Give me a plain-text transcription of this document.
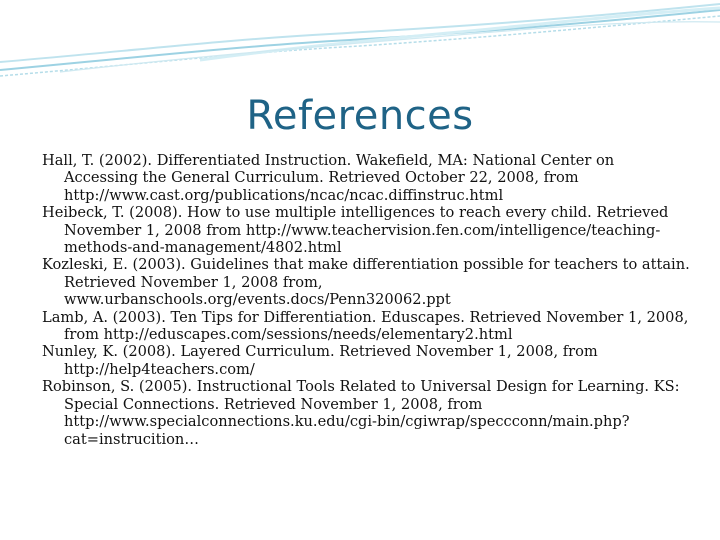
References

Hall, T. (2002). Differentiated Instruction. Wakefield, MA: National Center on Accessing the General Curriculum. Retrieved October 22, 2008, from http://www.cast.org/publications/ncac/ncac.diffinstruc.html

Heibeck, T. (2008). How to use multiple intelligences to reach every child. Retrieved November 1, 2008 from http://www.teachervision.fen.com/intelligence/teaching-methods-and-management/4802.html

Kozleski, E. (2003). Guidelines that make differentiation possible for teachers to attain. Retrieved November 1, 2008 from, www.urbanschools.org/events.docs/Penn320062.ppt

Lamb, A. (2003). Ten Tips for Differentiation. Eduscapes. Retrieved November 1, 2008, from http://eduscapes.com/sessions/needs/elementary2.html

Nunley, K. (2008). Layered Curriculum. Retrieved November 1, 2008, from http://help4teachers.com/

Robinson, S. (2005). Instructional Tools Related to Universal Design for Learning. KS: Special Connections. Retrieved November 1, 2008, from http://www.specialconnections.ku.edu/cgi-bin/cgiwrap/speccconn/main.php?cat=instrucition…
